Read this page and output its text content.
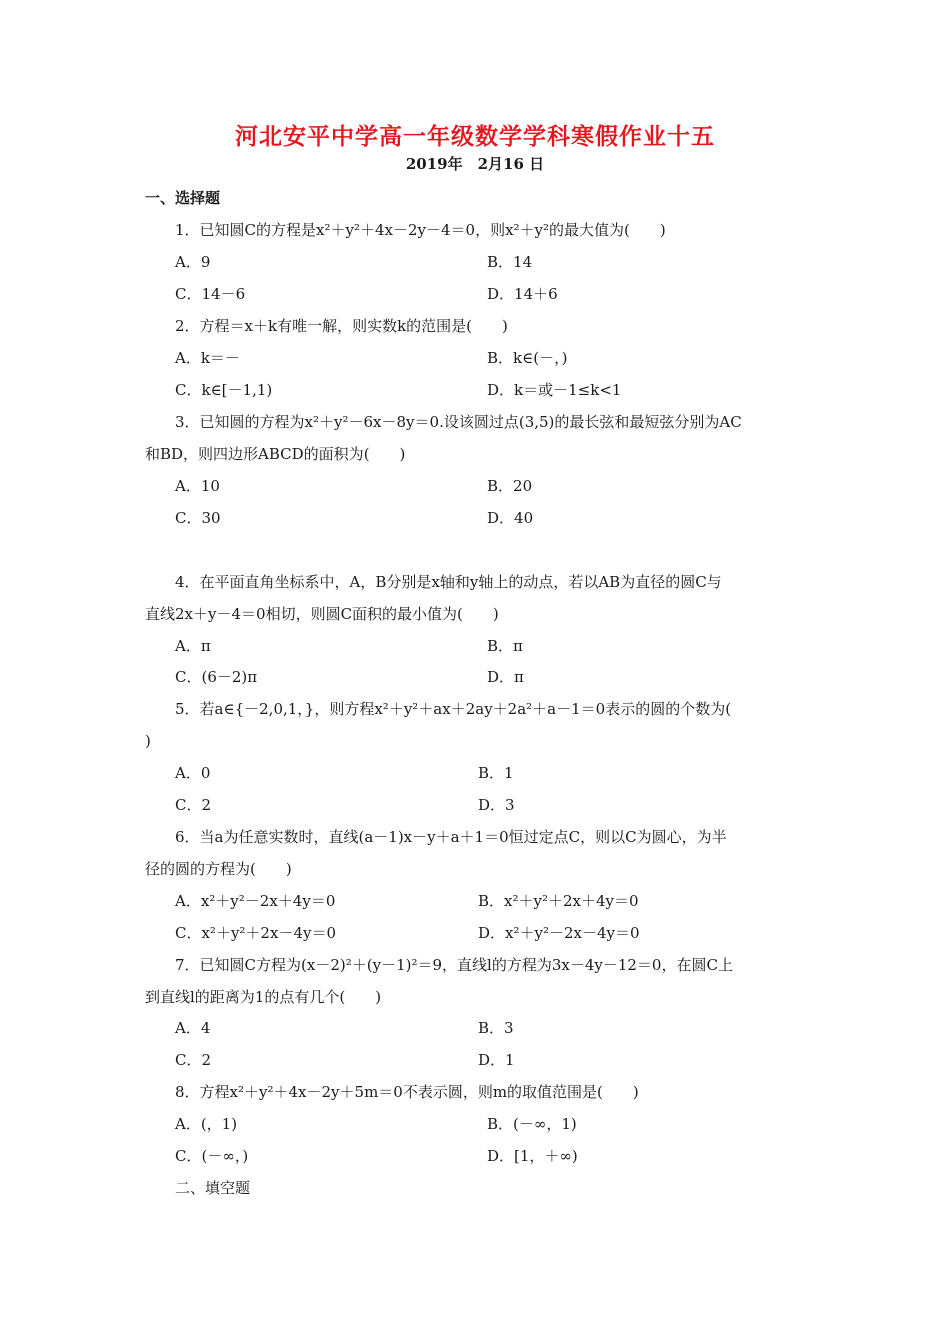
河北安平中学高一年级数学学科寒假作业十五
2019年　2月16 日
一、选择题
1．已知圆C的方程是x²＋y²＋4x－2y－4＝0，则x²＋y²的最大值为(　　)
A．9	B．14
C．14－6	D．14＋6
2．方程＝x＋k有唯一解，则实数k的范围是(　　)
A．k＝－	B．k∈(－，)
C．k∈[－1,1)	D．k＝或－1≤k<1
3．已知圆的方程为x²＋y²－6x－8y＝0.设该圆过点(3,5)的最长弦和最短弦分别为AC
和BD，则四边形ABCD的面积为(　　)
A．10	B．20
C．30	D．40
4．在平面直角坐标系中，A，B分别是x轴和y轴上的动点，若以AB为直径的圆C与
直线2x＋y－4＝0相切，则圆C面积的最小值为(　　)
A．π	B．π
C．(6－2)π	D．π
5．若a∈{－2,0,1，}，则方程x²＋y²＋ax＋2ay＋2a²＋a－1＝0表示的圆的个数为(
)
A．0	B．1
C．2	D．3
6．当a为任意实数时，直线(a－1)x－y＋a＋1＝0恒过定点C，则以C为圆心，为半
径的圆的方程为(　　)
A．x²＋y²－2x＋4y＝0	B．x²＋y²＋2x＋4y＝0
C．x²＋y²＋2x－4y＝0	D．x²＋y²－2x－4y＝0
7．已知圆C方程为(x－2)²＋(y－1)²＝9，直线l的方程为3x－4y－12＝0，在圆C上
到直线l的距离为1的点有几个(　　)
A．4	B．3
C．2	D．1
8．方程x²＋y²＋4x－2y＋5m＝0不表示圆，则m的取值范围是(　　)
A．(，1)	B．(－∞，1)
C．(－∞，)	D．[1，＋∞)
二、填空题
